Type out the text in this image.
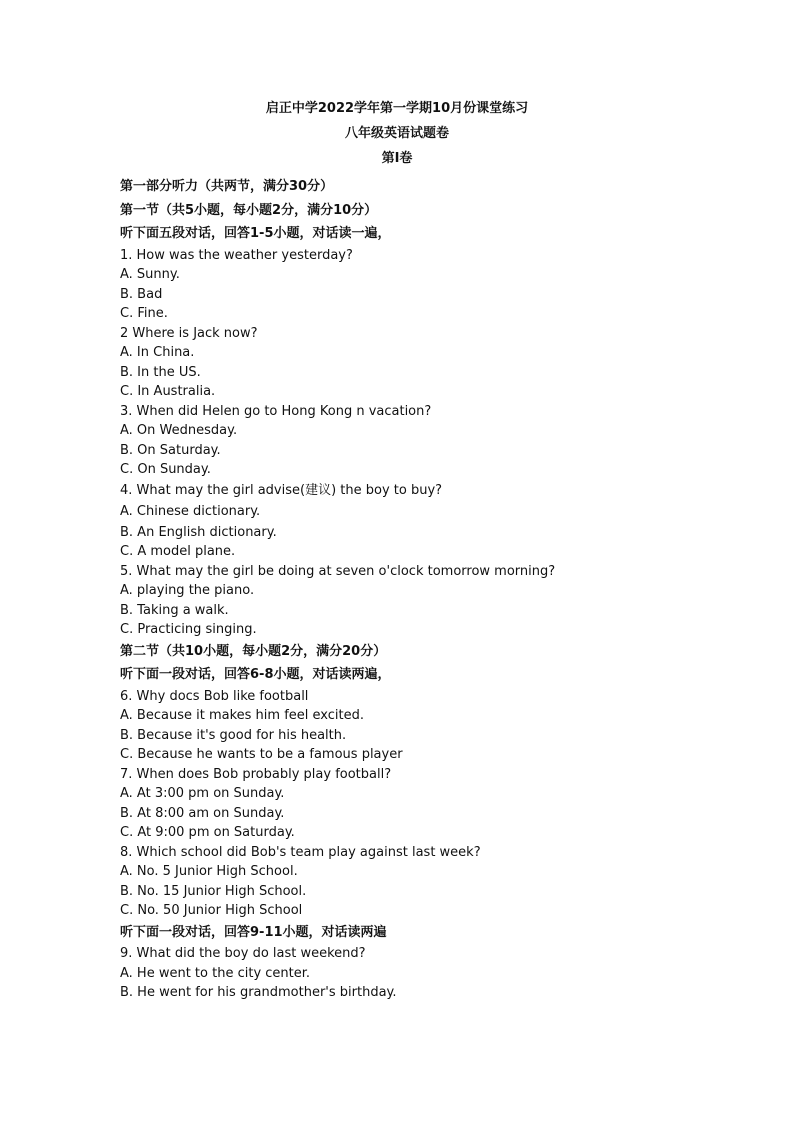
启正中学2022学年第一学期10月份课堂练习
八年级英语试题卷
第Ⅰ卷
第一部分听力（共两节，满分30分）
第一节（共5小题，每小题2分，满分10分）
听下面五段对话，回答1-5小题，对话读一遍，
1. How was the weather yesterday?
A. Sunny.
B. Bad
C. Fine.
2 Where is Jack now?
A. In China.
B. In the US.
C. In Australia.
3. When did Helen go to Hong Kong n vacation?
A. On Wednesday.
B. On Saturday.
C. On Sunday.
4. What may the girl advise(建议) the boy to buy?
A. Chinese dictionary.
B. An English dictionary.
C. A model plane.
5. What may the girl be doing at seven o'clock tomorrow morning?
A. playing the piano.
B. Taking a walk.
C. Practicing singing.
第二节（共10小题，每小题2分，满分20分）
听下面一段对话，回答6-8小题，对话读两遍，
6. Why docs Bob like football
A. Because it makes him feel excited.
B. Because it's good for his health.
C. Because he wants to be a famous player
7. When does Bob probably play football?
A. At 3:00 pm on Sunday.
B. At 8:00 am on Sunday.
C. At 9:00 pm on Saturday.
8. Which school did Bob's team play against last week?
A. No. 5 Junior High School.
B. No. 15 Junior High School.
C. No. 50 Junior High School
听下面一段对话，回答9-11小题，对话读两遍
9. What did the boy do last weekend?
A. He went to the city center.
B. He went for his grandmother's birthday.
